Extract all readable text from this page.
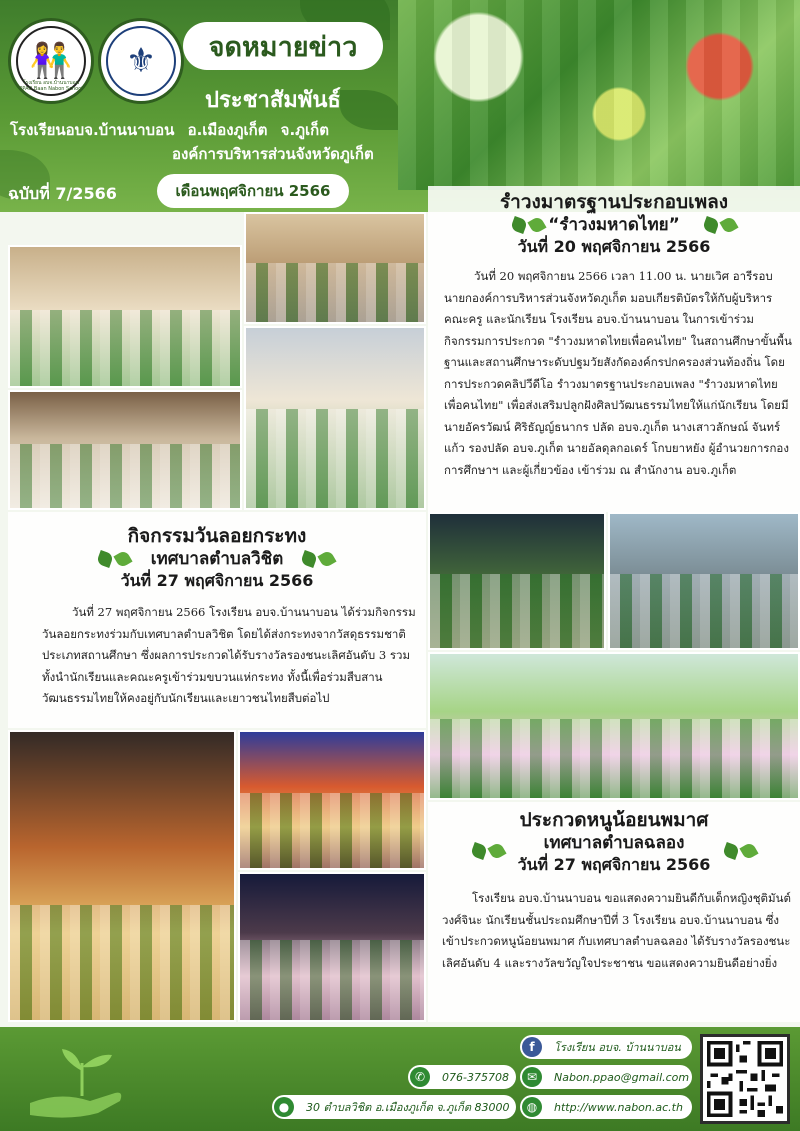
👫
โรงเรียน อบจ.บ้านนาบอน PPAO Baan Nabon School
⚜	จดหมายข่าว
ประชาสัมพันธ์
โรงเรียนอบจ.บ้านนาบอน อ.เมืองภูเก็ต จ.ภูเก็ต
องค์การบริหารส่วนจังหวัดภูเก็ต
ฉบับที่ 7/2566	เดือนพฤศจิกายน 2566	รำวงมาตรฐานประกอบเพลง
“รำวงมหาดไทย”
วันที่ 20 พฤศจิกายน 2566

วันที่ 20 พฤศจิกายน 2566 เวลา 11.00 น. นายเวิศ อารีรอบ นายกองค์การบริหารส่วนจังหวัดภูเก็ต มอบเกียรติบัตรให้กับผู้บริหาร คณะครู และนักเรียน โรงเรียน อบจ.บ้านนาบอน ในการเข้าร่วมกิจกรรมการประกวด "รำวงมหาดไทยเพื่อคนไทย" ในสถานศึกษาขั้นพื้นฐานและสถานศึกษาระดับปฐมวัยสังกัดองค์กรปกครองส่วนท้องถิ่น โดยการประกวดคลิปวีดีโอ รำวงมาตรฐานประกอบเพลง "รำวงมหาดไทยเพื่อคนไทย" เพื่อส่งเสริมปลูกฝังศิลปวัฒนธรรมไทยให้แก่นักเรียน โดยมี นายอัครวัฒน์ ศิริธัญญ์ธนากร ปลัด อบจ.ภูเก็ต นางเสาวลักษณ์ จันทร์แก้ว รองปลัด อบจ.ภูเก็ต นายอัลดุลกอเดร์ โกบยาหยัง ผู้อำนวยการกองการศึกษาฯ และผู้เกี่ยวข้อง เข้าร่วม ณ สำนักงาน อบจ.ภูเก็ต

กิจกรรมวันลอยกระทง
เทศบาลตำบลวิชิต
วันที่ 27 พฤศจิกายน 2566

วันที่ 27 พฤศจิกายน 2566 โรงเรียน อบจ.บ้านนาบอน ได้ร่วมกิจกรรมวันลอยกระทงร่วมกับเทศบาลตำบลวิชิต โดยได้ส่งกระทงจากวัสดุธรรมชาติประเภทสถานศึกษา ซึ่งผลการประกวดได้รับรางวัลรองชนะเลิศอันดับ 3 รวมทั้งนำนักเรียนและคณะครูเข้าร่วมขบวนแห่กระทง ทั้งนี้เพื่อร่วมสืบสานวัฒนธรรมไทยให้คงอยู่กับนักเรียนและเยาวชนไทยสืบต่อไป

ประกวดหนูน้อยนพมาศ
เทศบาลตำบลฉลอง
วันที่ 27 พฤศจิกายน 2566

โรงเรียน อบจ.บ้านนาบอน ขอแสดงความยินดีกับเด็กหญิงชุติมันต์ วงศ์จินะ นักเรียนชั้นประถมศึกษาปีที่ 3 โรงเรียน อบจ.บ้านนาบอน ซึ่งเข้าประกวดหนูน้อยนพมาศ กับเทศบาลตำบลฉลอง ได้รับรางวัลรองชนะเลิศอันดับ 4 และรางวัลขวัญใจประชาชน ขอแสดงความยินดีอย่างยิ่ง

f	โรงเรียน อบจ. บ้านนาบอน
✆	076-375708	✉	Nabon.ppao@gmail.com
●	30 ตำบลวิชิต อ.เมืองภูเก็ต จ.ภูเก็ต 83000	◍	http://www.nabon.ac.th
